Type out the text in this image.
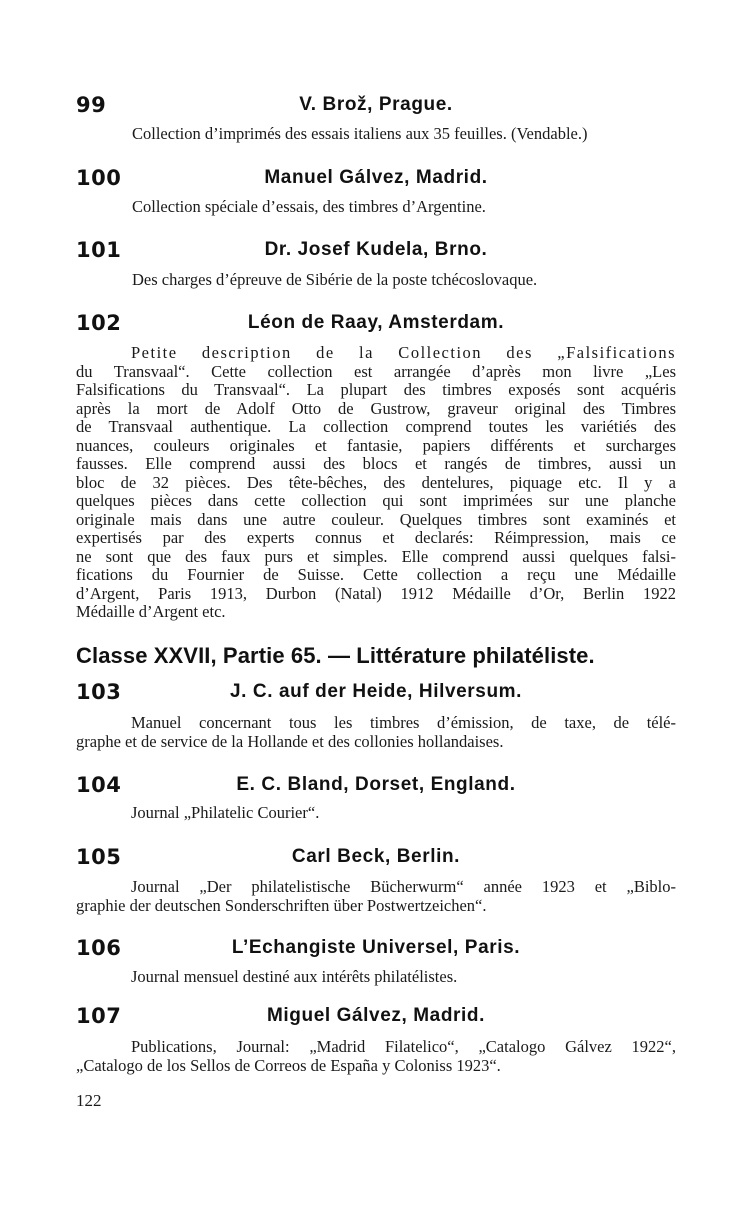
99	V. Brož, Prague.
Collection d’imprimés des essais italiens aux 35 feuilles. (Vendable.)
100	Manuel Gálvez, Madrid.
Collection spéciale d’essais, des timbres d’Argentine.
101	Dr. Josef Kudela, Brno.
Des charges d’épreuve de Sibérie de la poste tchécoslovaque.
102	Léon de Raay, Amsterdam.
Petite description de la Collection des „Falsifications
du Transvaal“. Cette collection est arrangée d’après mon livre „Les
Falsifications du Transvaal“. La plupart des timbres exposés sont acquéris
après la mort de Adolf Otto de Gustrow, graveur original des Timbres
de Transvaal authentique. La collection comprend toutes les variétiés des
nuances, couleurs originales et fantasie, papiers différents et surcharges
fausses. Elle comprend aussi des blocs et rangés de timbres, aussi un
bloc de 32 pièces. Des tête-bêches, des dentelures, piquage etc. Il y a
quelques pièces dans cette collection qui sont imprimées sur une planche
originale mais dans une autre couleur. Quelques timbres sont examinés et
expertisés par des experts connus et declarés: Réimpression, mais ce
ne sont que des faux purs et simples. Elle comprend aussi quelques falsi-
fications du Fournier de Suisse. Cette collection a reçu une Médaille
d’Argent, Paris 1913, Durbon (Natal) 1912 Médaille d’Or, Berlin 1922
Médaille d’Argent etc.
Classe XXVII, Partie 65. — Littérature philatéliste.
103	J. C. auf der Heide, Hilversum.
Manuel concernant tous les timbres d’émission, de taxe, de télé-
graphe et de service de la Hollande et des collonies hollandaises.
104	E. C. Bland, Dorset, England.
Journal „Philatelic Courier“.
105	Carl Beck, Berlin.
Journal „Der philatelistische Bücherwurm“ année 1923 et „Biblo-
graphie der deutschen Sonderschriften über Postwertzeichen“.
106	L’Echangiste Universel, Paris.
Journal mensuel destiné aux intérêts philatélistes.
107	Miguel Gálvez, Madrid.
Publications, Journal: „Madrid Filatelico“, „Catalogo Gálvez 1922“,
„Catalogo de los Sellos de Correos de España y Coloniss 1923“.
122
